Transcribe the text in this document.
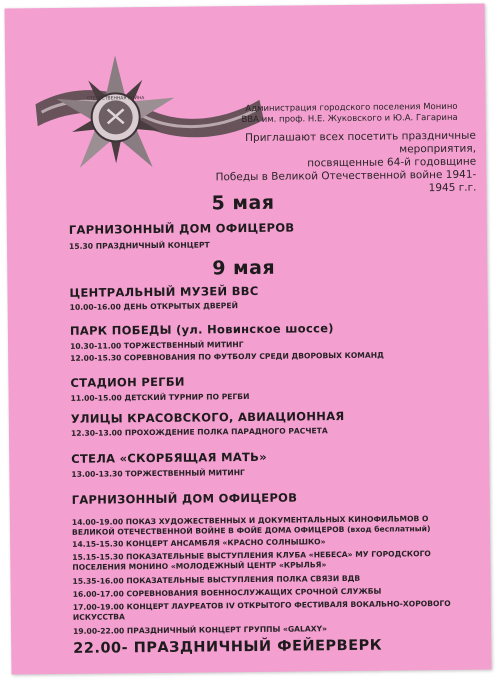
ОТЕЧЕСТВЕННАЯ ВОЙНА
Администрация городского поселения Монино
ВВА им. проф. Н.Е. Жуковского и Ю.А. Гагарина
Приглашают всех посетить праздничные мероприятия,
посвященные 64-й годовщине
Победы в Великой Отечественной войне 1941-1945 г.г.
5 мая
ГАРНИЗОННЫЙ ДОМ ОФИЦЕРОВ
15.30 ПРАЗДНИЧНЫЙ КОНЦЕРТ
9 мая
ЦЕНТРАЛЬНЫЙ МУЗЕЙ ВВС
10.00-16.00 ДЕНЬ ОТКРЫТЫХ ДВЕРЕЙ
ПАРК ПОБЕДЫ (ул. Новинское шоссе)
10.30-11.00 ТОРЖЕСТВЕННЫЙ МИТИНГ
12.00-15.30 СОРЕВНОВАНИЯ ПО ФУТБОЛУ СРЕДИ ДВОРОВЫХ КОМАНД
СТАДИОН РЕГБИ
11.00-15.00 ДЕТСКИЙ ТУРНИР ПО РЕГБИ
УЛИЦЫ КРАСОВСКОГО, АВИАЦИОННАЯ
12.30-13.00 ПРОХОЖДЕНИЕ ПОЛКА ПАРАДНОГО РАСЧЕТА
СТЕЛА «СКОРБЯЩАЯ МАТЬ»
13.00-13.30 ТОРЖЕСТВЕННЫЙ МИТИНГ
ГАРНИЗОННЫЙ ДОМ ОФИЦЕРОВ
14.00-19.00 ПОКАЗ ХУДОЖЕСТВЕННЫХ И ДОКУМЕНТАЛЬНЫХ КИНОФИЛЬМОВ О ВЕЛИКОЙ ОТЕЧЕСТВЕННОЙ ВОЙНЕ В ФОЙЕ ДОМА ОФИЦЕРОВ (вход бесплатный)
14.15-15.30 КОНЦЕРТ АНСАМБЛЯ «КРАСНО СОЛНЫШКО»
15.15-15.30 ПОКАЗАТЕЛЬНЫЕ ВЫСТУПЛЕНИЯ КЛУБА «НЕБЕСА» МУ ГОРОДСКОГО ПОСЕЛЕНИЯ МОНИНО «МОЛОДЕЖНЫЙ ЦЕНТР «КРЫЛЬЯ»
15.35-16.00 ПОКАЗАТЕЛЬНЫЕ ВЫСТУПЛЕНИЯ ПОЛКА СВЯЗИ ВДВ
16.00-17.00 СОРЕВНОВАНИЯ ВОЕННОСЛУЖАЩИХ СРОЧНОЙ СЛУЖБЫ
17.00-19.00 КОНЦЕРТ ЛАУРЕАТОВ IV ОТКРЫТОГО ФЕСТИВАЛЯ ВОКАЛЬНО-ХОРОВОГО ИСКУССТВА
19.00-22.00 ПРАЗДНИЧНЫЙ КОНЦЕРТ ГРУППЫ «GALAXY»
22.00- ПРАЗДНИЧНЫЙ ФЕЙЕРВЕРК
